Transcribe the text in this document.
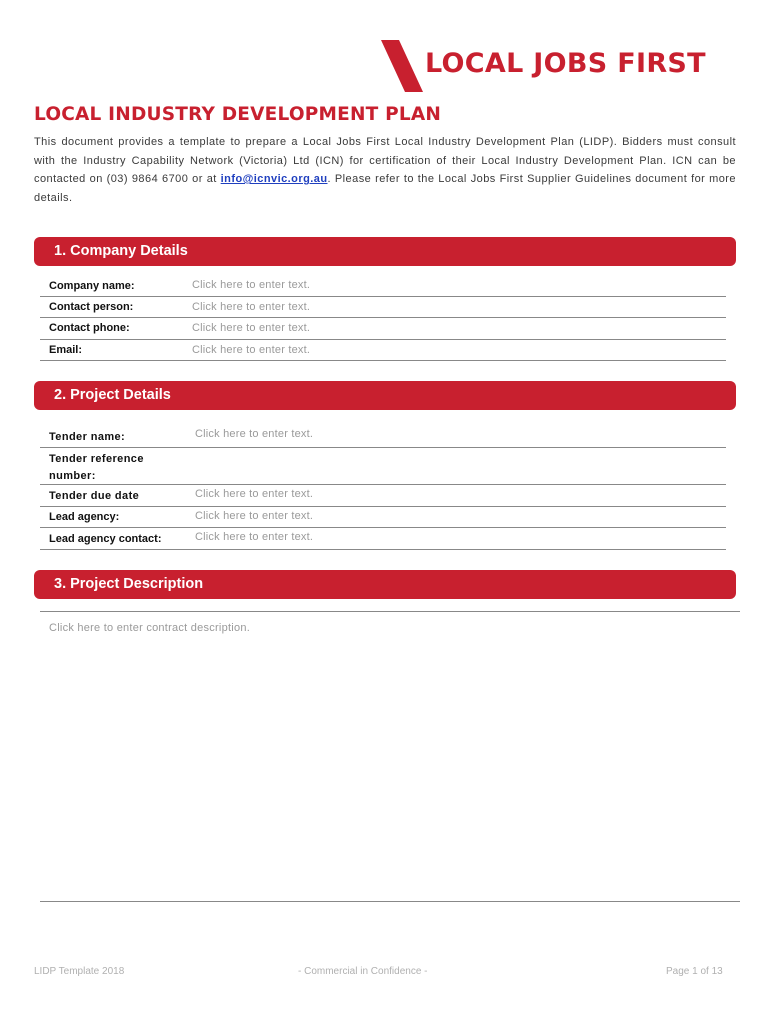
LOCAL JOBS FIRST
LOCAL INDUSTRY DEVELOPMENT PLAN
This document provides a template to prepare a Local Jobs First Local Industry Development Plan (LIDP). Bidders must consult
with the Industry Capability Network (Victoria) Ltd (ICN) for certification of their Local Industry Development Plan. ICN can be
contacted on (03) 9864 6700 or at info@icnvic.org.au. Please refer to the Local Jobs First Supplier Guidelines document for more
details.
1. Company Details
Company name:	Click here to enter text.
Contact person:	Click here to enter text.
Contact phone:	Click here to enter text.
Email:	Click here to enter text.
2. Project Details
Tender name:	Click here to enter text.
Tender reference
number:
Tender due date	Click here to enter text.
Lead agency:	Click here to enter text.
Lead agency contact:	Click here to enter text.
3. Project Description
Click here to enter contract description.
LIDP Template 2018	- Commercial in Confidence -	Page 1 of 13
